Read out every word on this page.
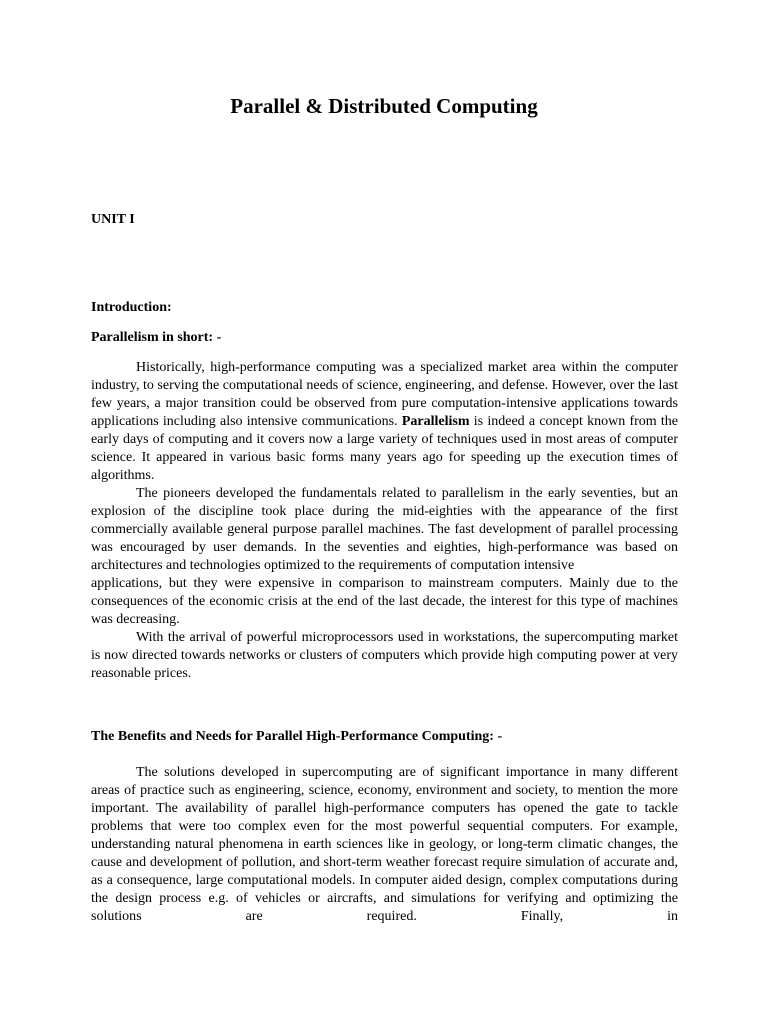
Parallel & Distributed Computing
UNIT I
Introduction:
Parallelism in short: -

Historically, high-performance computing was a specialized market area within the computer industry, to serving the computational needs of science, engineering, and defense. However, over the last few years, a major transition could be observed from pure computation-intensive applications towards applications including also intensive communications. Parallelism is indeed a concept known from the early days of computing and it covers now a large variety of techniques used in most areas of computer science. It appeared in various basic forms many years ago for speeding up the execution times of algorithms.

The pioneers developed the fundamentals related to parallelism in the early seventies, but an explosion of the discipline took place during the mid-eighties with the appearance of the first commercially available general purpose parallel machines. The fast development of parallel processing was encouraged by user demands. In the seventies and eighties, high-performance was based on architectures and technologies optimized to the requirements of computation intensive

applications, but they were expensive in comparison to mainstream computers. Mainly due to the consequences of the economic crisis at the end of the last decade, the interest for this type of machines was decreasing.

With the arrival of powerful microprocessors used in workstations, the supercomputing market is now directed towards networks or clusters of computers which provide high computing power at very reasonable prices.

The Benefits and Needs for Parallel High-Performance Computing: -

The solutions developed in supercomputing are of significant importance in many different areas of practice such as engineering, science, economy, environment and society, to mention the more important. The availability of parallel high-performance computers has opened the gate to tackle problems that were too complex even for the most powerful sequential computers. For example, understanding natural phenomena in earth sciences like in geology, or long-term climatic changes, the cause and development of pollution, and short-term weather forecast require simulation of accurate and, as a consequence, large computational models. In computer aided design, complex computations during the design process e.g. of vehicles or aircrafts, and simulations for verifying and optimizing the solutions are required. Finally, in
